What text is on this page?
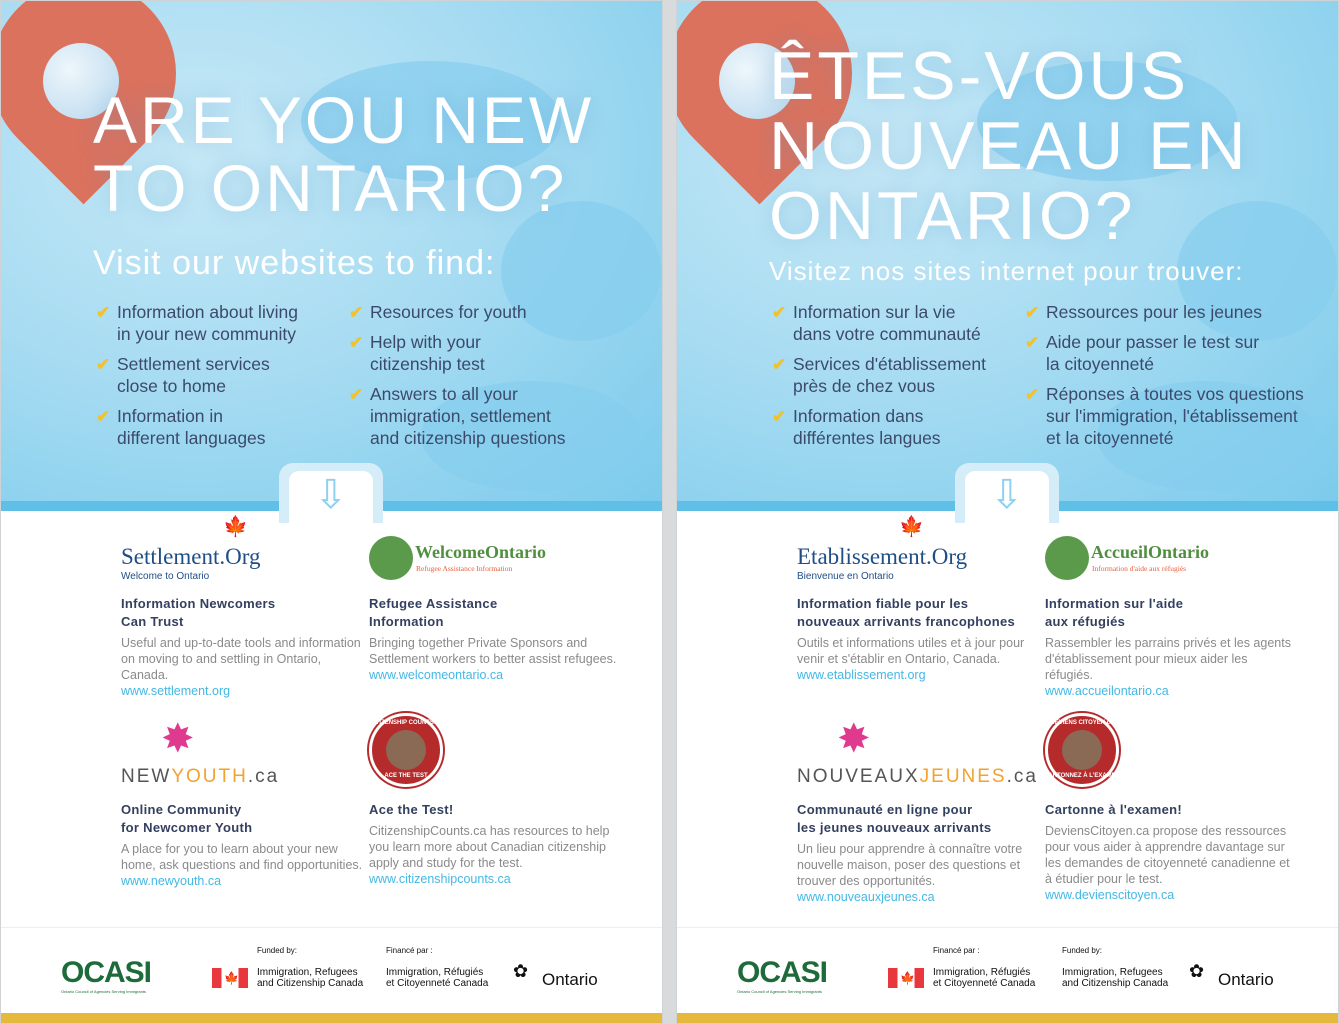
ARE YOU NEW
TO ONTARIO?
Visit our websites to find:
✔ Information about living
in your new community
✔ Settlement services
close to home
✔ Information in
different languages
✔ Resources for youth
✔ Help with your
citizenship test
✔ Answers to all your
immigration, settlement
and citizenship questions
⇩
🍁
Settlement.Org
Welcome to Ontario
Information Newcomers
Can Trust
Useful and up-to-date tools and information on moving to and settling in Ontario, Canada.
www.settlement.org
WelcomeOntario
Refugee Assistance Information
Refugee Assistance
Information
Bringing together Private Sponsors and Settlement workers to better assist refugees.
www.welcomeontario.ca
✸
NEWYOUTH.ca
Online Community
for Newcomer Youth
A place for you to learn about your new home, ask questions and find opportunities.
www.newyouth.ca
CITIZENSHIP COUNTS.ca
ACE THE TEST
Ace the Test!
CitizenshipCounts.ca has resources to help you learn more about Canadian citizenship apply and study for the test.
www.citizenshipcounts.ca
OCASI
Ontario Council of Agencies Serving Immigrants
🍁
Funded by:
Immigration, Refugees
and Citizenship Canada
Financé par :
Immigration, Réfugiés
et Citoyenneté Canada
✿ Ontario
ÊTES-VOUS
NOUVEAU EN
ONTARIO?
Visitez nos sites internet pour trouver:
✔ Information sur la vie
dans votre communauté
✔ Services d'établissement
près de chez vous
✔ Information dans
différentes langues
✔ Ressources pour les jeunes
✔ Aide pour passer le test sur
la citoyenneté
✔ Réponses à toutes vos questions
sur l'immigration, l'établissement
et la citoyenneté
⇩
🍁
Etablissement.Org
Bienvenue en Ontario
Information fiable pour les
nouveaux arrivants francophones
Outils et informations utiles et à jour pour venir et s'établir en Ontario, Canada.
www.etablissement.org
AccueilOntario
Information d'aide aux réfugiés
Information sur l'aide
aux réfugiés
Rassembler les parrains privés et les agents d'établissement pour mieux aider les réfugiés.
www.accueilontario.ca
✸
NOUVEAUXJEUNES.ca
Communauté en ligne pour
les jeunes nouveaux arrivants
Un lieu pour apprendre à connaître votre nouvelle maison, poser des questions et trouver des opportunités.
www.nouveauxjeunes.ca
DEVIENS CITOYEN.ca
CARTONNEZ À L'EXAMEN
Cartonne à l'examen!
DeviensCitoyen.ca propose des ressources pour vous aider à apprendre davantage sur les demandes de citoyenneté canadienne et à étudier pour le test.
www.devienscitoyen.ca
OCASI
Ontario Council of Agencies Serving Immigrants
🍁
Financé par :
Immigration, Réfugiés
et Citoyenneté Canada
Funded by:
Immigration, Refugees
and Citizenship Canada
✿ Ontario
